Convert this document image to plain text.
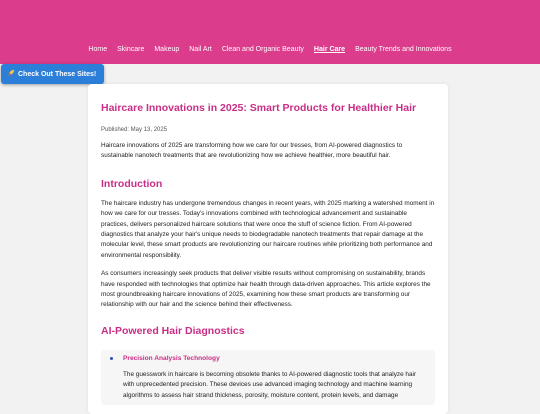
Home	Skincare	Makeup	Nail Art	Clean and Organic Beauty	Hair Care	Beauty Trends and Innovations
Check Out These Sites!
Haircare Innovations in 2025: Smart Products for Healthier Hair
Published: May 13, 2025

Haircare innovations of 2025 are transforming how we care for our tresses, from AI-powered diagnostics to sustainable nanotech treatments that are revolutionizing how we achieve healthier, more beautiful hair.

Introduction

The haircare industry has undergone tremendous changes in recent years, with 2025 marking a watershed moment in how we care for our tresses. Today's innovations combined with technological advancement and sustainable practices, delivers personalized haircare solutions that were once the stuff of science fiction. From AI-powered diagnostics that analyze your hair's unique needs to biodegradable nanotech treatments that repair damage at the molecular level, these smart products are revolutionizing our haircare routines while prioritizing both performance and environmental responsibility.

As consumers increasingly seek products that deliver visible results without compromising on sustainability, brands have responded with technologies that optimize hair health through data-driven approaches. This article explores the most groundbreaking haircare innovations of 2025, examining how these smart products are transforming our relationship with our hair and the science behind their effectiveness.

AI-Powered Hair Diagnostics
Precision Analysis Technology

The guesswork in haircare is becoming obsolete thanks to AI-powered diagnostic tools that analyze hair with unprecedented precision. These devices use advanced imaging technology and machine learning algorithms to assess hair strand thickness, porosity, moisture content, protein levels, and damage
